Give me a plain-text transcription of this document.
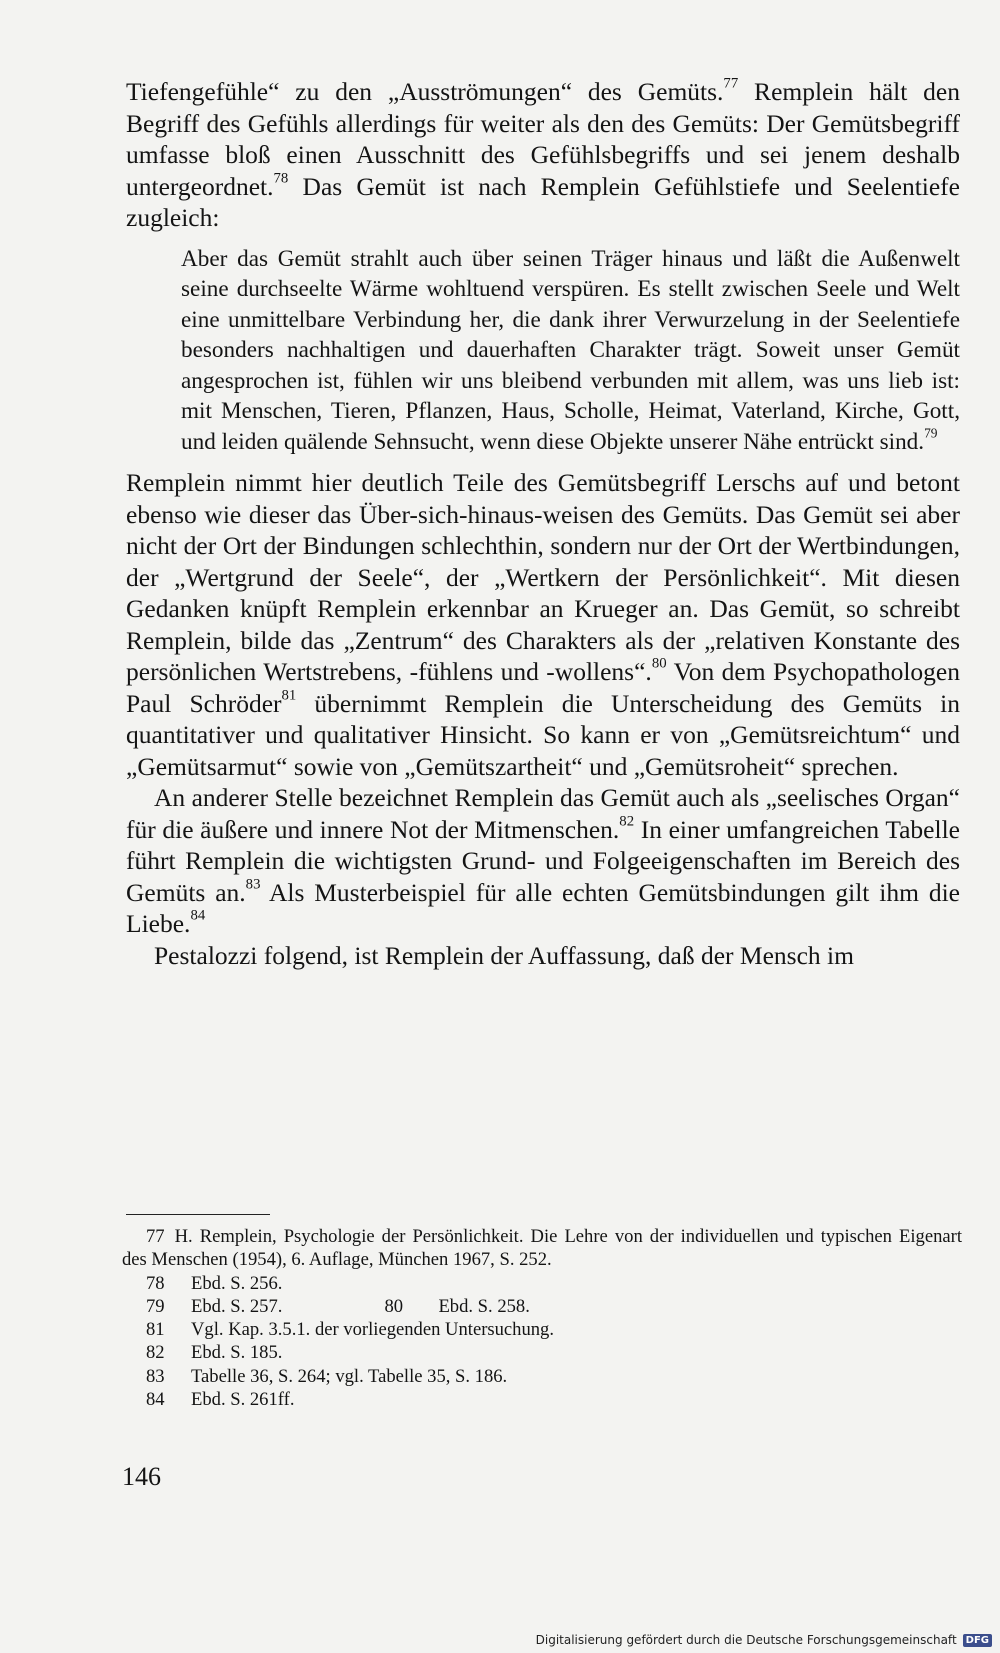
Tiefengefühle“ zu den „Ausströmungen“ des Gemüts.$^{77}$ Remplein hält den Begriff des Gefühls allerdings für weiter als den des Gemüts: Der Gemütsbegriff umfasse bloß einen Ausschnitt des Gefühlsbegriffs und sei jenem deshalb untergeordnet.$^{78}$ Das Gemüt ist nach Remplein Gefühlstiefe und Seelentiefe zugleich:

Aber das Gemüt strahlt auch über seinen Träger hinaus und läßt die Außenwelt seine durchseelte Wärme wohltuend verspüren. Es stellt zwischen Seele und Welt eine unmittelbare Verbindung her, die dank ihrer Verwurzelung in der Seelentiefe besonders nachhaltigen und dauerhaften Charakter trägt. Soweit unser Gemüt angesprochen ist, fühlen wir uns bleibend verbunden mit allem, was uns lieb ist: mit Menschen, Tieren, Pflanzen, Haus, Scholle, Heimat, Vaterland, Kirche, Gott, und leiden quälende Sehnsucht, wenn diese Objekte unserer Nähe entrückt sind.$^{79}$

Remplein nimmt hier deutlich Teile des Gemütsbegriff Lerschs auf und betont ebenso wie dieser das Über-sich-hinaus-weisen des Gemüts. Das Gemüt sei aber nicht der Ort der Bindungen schlechthin, sondern nur der Ort der Wertbindungen, der „Wertgrund der Seele“, der „Wertkern der Persönlichkeit“. Mit diesen Gedanken knüpft Remplein erkennbar an Krueger an. Das Gemüt, so schreibt Remplein, bilde das „Zentrum“ des Charakters als der „relativen Konstante des persönlichen Wertstrebens, -fühlens und -wollens“.$^{80}$ Von dem Psychopathologen Paul Schröder$^{81}$ übernimmt Remplein die Unterscheidung des Gemüts in quantitativer und qualitativer Hinsicht. So kann er von „Gemütsreichtum“ und „Gemütsarmut“ sowie von „Gemütszartheit“ und „Gemütsroheit“ sprechen.

An anderer Stelle bezeichnet Remplein das Gemüt auch als „seelisches Organ“ für die äußere und innere Not der Mitmenschen.$^{82}$ In einer umfangreichen Tabelle führt Remplein die wichtigsten Grund- und Folgeeigenschaften im Bereich des Gemüts an.$^{83}$ Als Musterbeispiel für alle echten Gemütsbindungen gilt ihm die Liebe.$^{84}$

Pestalozzi folgend, ist Remplein der Auffassung, daß der Mensch im

77 H. Remplein, Psychologie der Persönlichkeit. Die Lehre von der individuellen und typischen Eigenart des Menschen (1954), 6. Auflage, München 1967, S. 252.
78	Ebd. S. 256.
79	Ebd. S. 257.	80	Ebd. S. 258.
81	Vgl. Kap. 3.5.1. der vorliegenden Untersuchung.
82	Ebd. S. 185.
83	Tabelle 36, S. 264; vgl. Tabelle 35, S. 186.
84	Ebd. S. 261ff.
146
Digitalisierung gefördert durch die Deutsche Forschungsgemeinschaft DFG
